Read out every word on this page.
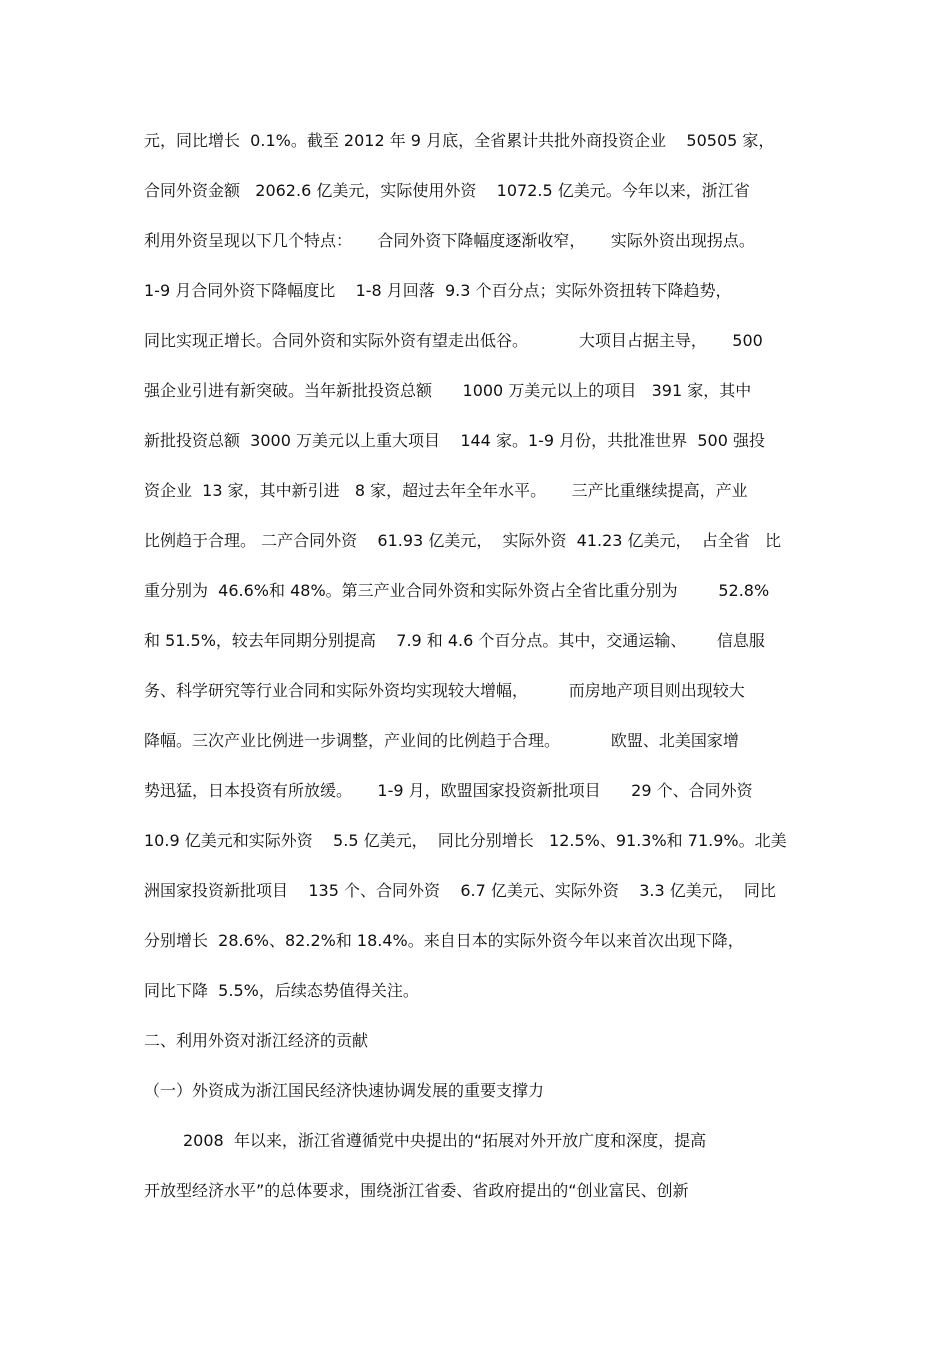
元，同比增长  0.1%。截至 2012 年 9 月底，全省累计共批外商投资企业    50505 家，
合同外资金额   2062.6 亿美元，实际使用外资    1072.5 亿美元。今年以来，浙江省
利用外资呈现以下几个特点：     合同外资下降幅度逐渐收窄，     实际外资出现拐点。
1-9 月合同外资下降幅度比    1-8 月回落  9.3 个百分点；实际外资扭转下降趋势，
同比实现正增长。合同外资和实际外资有望走出低谷。          大项目占据主导，     500
强企业引进有新突破。当年新批投资总额      1000 万美元以上的项目   391 家，其中
新批投资总额  3000 万美元以上重大项目    144 家。1-9 月份，共批准世界  500 强投
资企业  13 家，其中新引进   8 家，超过去年全年水平。     三产比重继续提高，产业
比例趋于合理。 二产合同外资    61.93 亿美元，  实际外资  41.23 亿美元，  占全省   比
重分别为  46.6%和 48%。第三产业合同外资和实际外资占全省比重分别为        52.8%
和 51.5%，较去年同期分别提高    7.9 和 4.6 个百分点。其中，交通运输、      信息服
务、科学研究等行业合同和实际外资均实现较大增幅，        而房地产项目则出现较大
降幅。三次产业比例进一步调整，产业间的比例趋于合理。          欧盟、北美国家增
势迅猛，日本投资有所放缓。     1-9 月，欧盟国家投资新批项目      29 个、合同外资
10.9 亿美元和实际外资    5.5 亿美元，  同比分别增长   12.5%、91.3%和 71.9%。北美
洲国家投资新批项目    135 个、合同外资    6.7 亿美元、实际外资    3.3 亿美元，  同比
分别增长  28.6%、82.2%和 18.4%。来自日本的实际外资今年以来首次出现下降，
同比下降  5.5%，后续态势值得关注。
二、利用外资对浙江经济的贡献
（一）外资成为浙江国民经济快速协调发展的重要支撑力
2008  年以来，浙江省遵循党中央提出的“拓展对外开放广度和深度，提高
开放型经济水平”的总体要求，围绕浙江省委、省政府提出的“创业富民、创新
